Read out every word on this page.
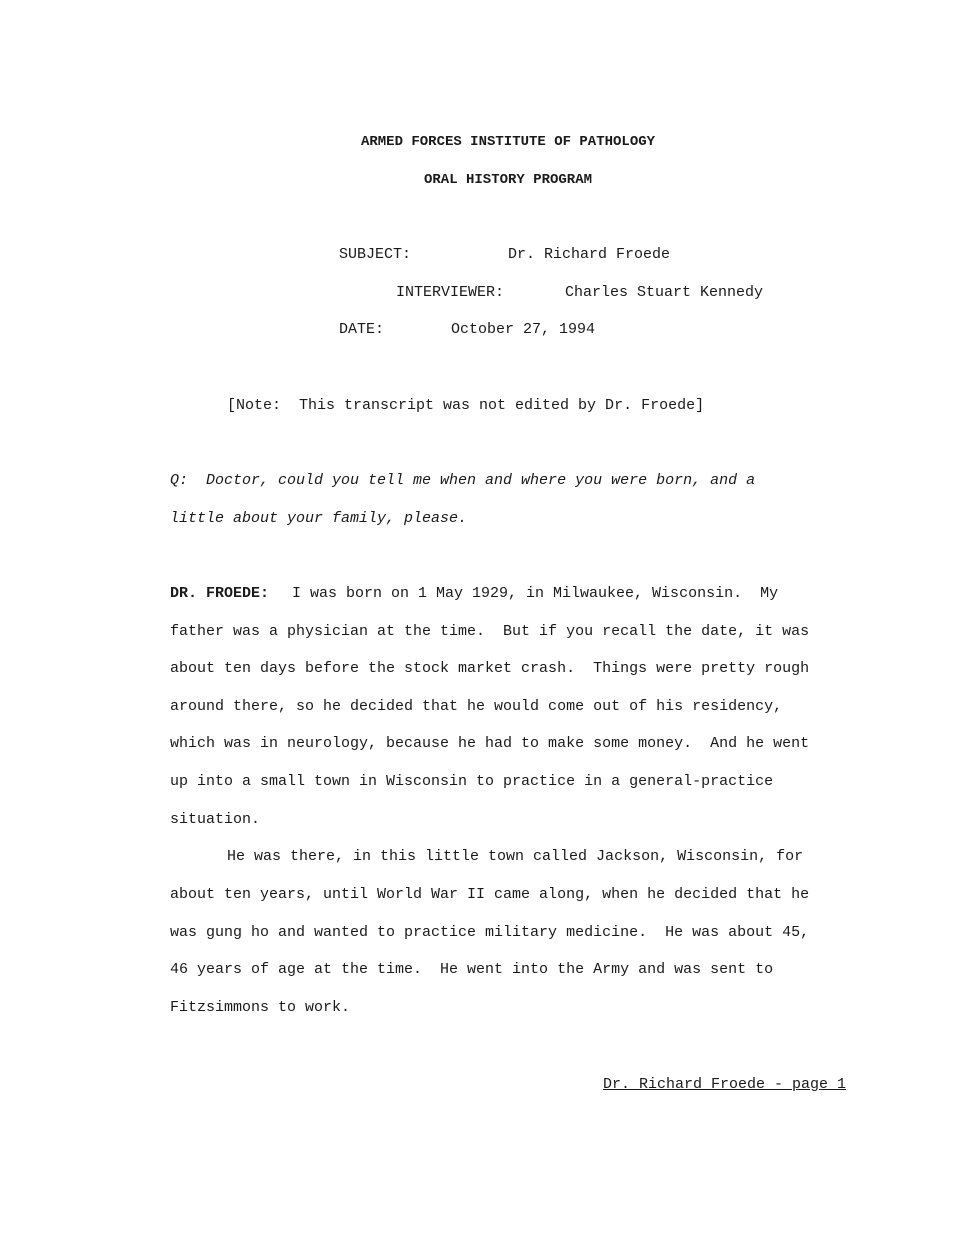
ARMED FORCES INSTITUTE OF PATHOLOGY
ORAL HISTORY PROGRAM
SUBJECT:	Dr. Richard Froede
INTERVIEWER:	Charles Stuart Kennedy
DATE:	October 27, 1994
[Note:  This transcript was not edited by Dr. Froede]
Q:  Doctor, could you tell me when and where you were born, and a
little about your family, please.
DR. FROEDE: I was born on 1 May 1929, in Milwaukee, Wisconsin.  My
father was a physician at the time.  But if you recall the date, it was
about ten days before the stock market crash.  Things were pretty rough
around there, so he decided that he would come out of his residency,
which was in neurology, because he had to make some money.  And he went
up into a small town in Wisconsin to practice in a general-practice
situation.
He was there, in this little town called Jackson, Wisconsin, for
about ten years, until World War II came along, when he decided that he
was gung ho and wanted to practice military medicine.  He was about 45,
46 years of age at the time.  He went into the Army and was sent to
Fitzsimmons to work.
Dr. Richard Froede - page 1
